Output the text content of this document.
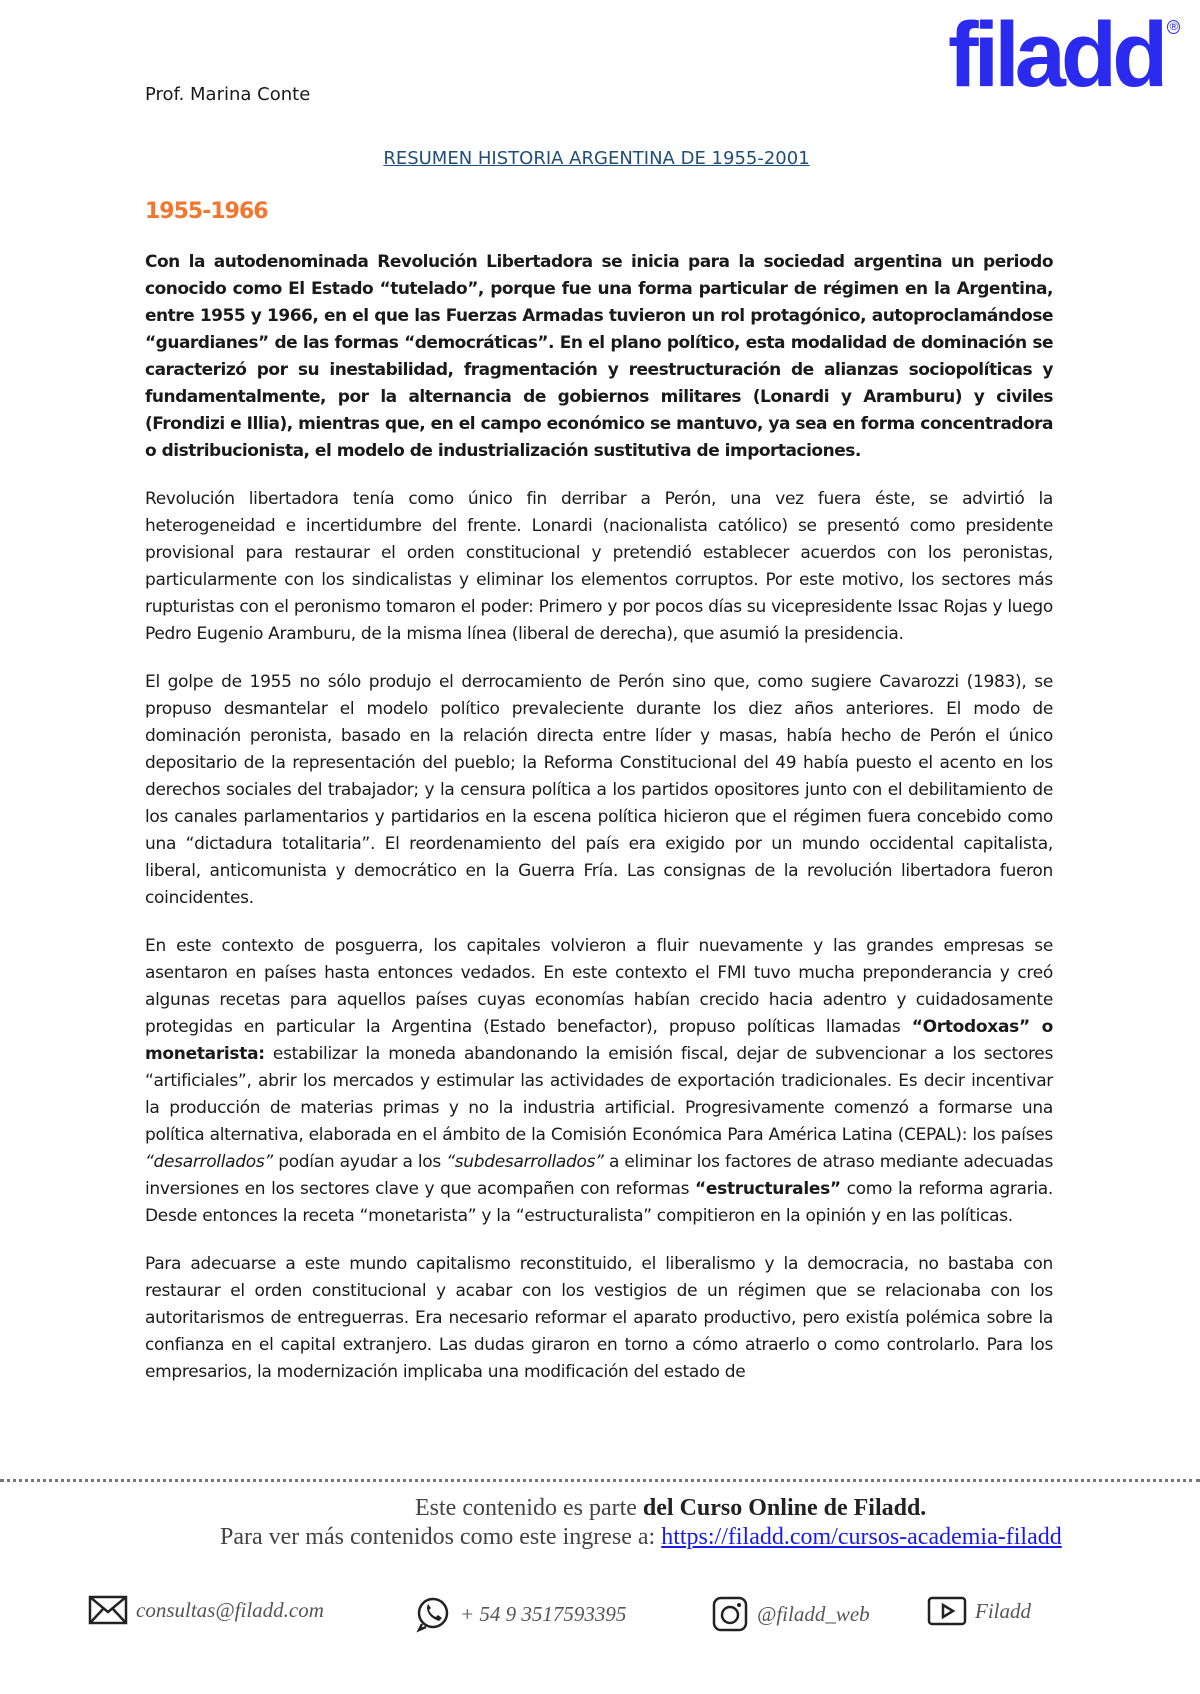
filadd ®
Prof. Marina Conte
RESUMEN HISTORIA ARGENTINA DE 1955-2001
1955-1966

Con la autodenominada Revolución Libertadora se inicia para la sociedad argentina un periodo conocido como El Estado “tutelado”, porque fue una forma particular de régimen en la Argentina, entre 1955 y 1966, en el que las Fuerzas Armadas tuvieron un rol protagónico, autoproclamándose “guardianes” de las formas “democráticas”. En el plano político, esta modalidad de dominación se caracterizó por su inestabilidad, fragmentación y reestructuración de alianzas sociopolíticas y fundamentalmente, por la alternancia de gobiernos militares (Lonardi y Aramburu) y civiles (Frondizi e Illia), mientras que, en el campo económico se mantuvo, ya sea en forma concentradora o distribucionista, el modelo de industrialización sustitutiva de importaciones.

Revolución libertadora tenía como único fin derribar a Perón, una vez fuera éste, se advirtió la heterogeneidad e incertidumbre del frente. Lonardi (nacionalista católico) se presentó como presidente provisional para restaurar el orden constitucional y pretendió establecer acuerdos con los peronistas, particularmente con los sindicalistas y eliminar los elementos corruptos. Por este motivo, los sectores más rupturistas con el peronismo tomaron el poder: Primero y por pocos días su vicepresidente Issac Rojas y luego Pedro Eugenio Aramburu, de la misma línea (liberal de derecha), que asumió la presidencia.

El golpe de 1955 no sólo produjo el derrocamiento de Perón sino que, como sugiere Cavarozzi (1983), se propuso desmantelar el modelo político prevaleciente durante los diez años anteriores. El modo de dominación peronista, basado en la relación directa entre líder y masas, había hecho de Perón el único depositario de la representación del pueblo; la Reforma Constitucional del 49 había puesto el acento en los derechos sociales del trabajador; y la censura política a los partidos opositores junto con el debilitamiento de los canales parlamentarios y partidarios en la escena política hicieron que el régimen fuera concebido como una “dictadura totalitaria”. El reordenamiento del país era exigido por un mundo occidental capitalista, liberal, anticomunista y democrático en la Guerra Fría. Las consignas de la revolución libertadora fueron coincidentes.

En este contexto de posguerra, los capitales volvieron a fluir nuevamente y las grandes empresas se asentaron en países hasta entonces vedados. En este contexto el FMI tuvo mucha preponderancia y creó algunas recetas para aquellos países cuyas economías habían crecido hacia adentro y cuidadosamente protegidas en particular la Argentina (Estado benefactor), propuso políticas llamadas “Ortodoxas” o monetarista: estabilizar la moneda abandonando la emisión fiscal, dejar de subvencionar a los sectores “artificiales”, abrir los mercados y estimular las actividades de exportación tradicionales. Es decir incentivar la producción de materias primas y no la industria artificial. Progresivamente comenzó a formarse una política alternativa, elaborada en el ámbito de la Comisión Económica Para América Latina (CEPAL): los países “desarrollados” podían ayudar a los “subdesarrollados” a eliminar los factores de atraso mediante adecuadas inversiones en los sectores clave y que acompañen con reformas “estructurales” como la reforma agraria. Desde entonces la receta “monetarista” y la “estructuralista” compitieron en la opinión y en las políticas.

Para adecuarse a este mundo capitalismo reconstituido, el liberalismo y la democracia, no bastaba con restaurar el orden constitucional y acabar con los vestigios de un régimen que se relacionaba con los autoritarismos de entreguerras. Era necesario reformar el aparato productivo, pero existía polémica sobre la confianza en el capital extranjero. Las dudas giraron en torno a cómo atraerlo o como controlarlo. Para los empresarios, la modernización implicaba una modificación del estado de

Este contenido es parte del Curso Online de Filadd.
Para ver más contenidos como este ingrese a: https://filadd.com/cursos-academia-filadd
consultas@filadd.com	+ 54 9 3517593395	@filadd_web	Filadd
